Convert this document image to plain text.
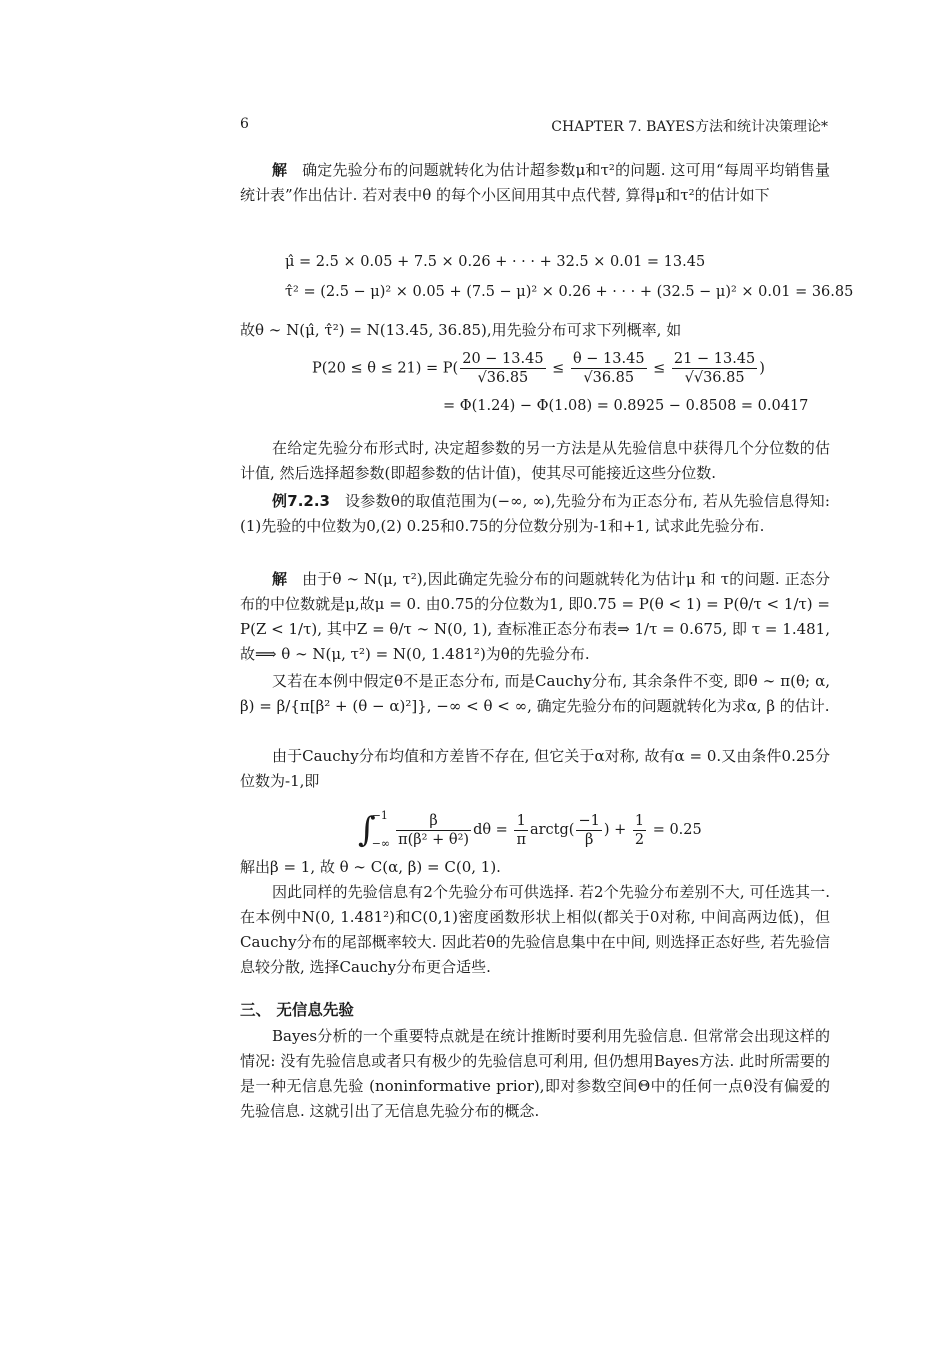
6	CHAPTER 7. BAYES方法和统计决策理论*

解 确定先验分布的问题就转化为估计超参数μ和τ²的问题. 这可用“每周平均销售量统计表”作出估计. 若对表中θ 的每个小区间用其中点代替, 算得μ和τ²的估计如下

μ̂ = 2.5 × 0.05 + 7.5 × 0.26 + · · · + 32.5 × 0.01 = 13.45
τ̂² = (2.5 − μ)² × 0.05 + (7.5 − μ)² × 0.26 + · · · + (32.5 − μ)² × 0.01 = 36.85

故θ ∼ N(μ̂, τ̂²) = N(13.45, 36.85),用先验分布可求下列概率, 如

$P(20 \le \theta \le 21) = P( \frac{20 - 13.45}{√36.85} \le \frac{\theta - 13.45}{√36.85} \le \frac{21 - 13.45}{√√36.85}$ )
= Φ(1.24) − Φ(1.08) = 0.8925 − 0.8508 = 0.0417

在给定先验分布形式时, 决定超参数的另一方法是从先验信息中获得几个分位数的估计值, 然后选择超参数(即超参数的估计值)，使其尽可能接近这些分位数.

例7.2.3 设参数θ的取值范围为(−∞, ∞),先验分布为正态分布, 若从先验信息得知: (1)先验的中位数为0,(2) 0.25和0.75的分位数分别为-1和+1, 试求此先验分布.

解 由于θ ∼ N(μ, τ²),因此确定先验分布的问题就转化为估计μ 和 τ的问题. 正态分布的中位数就是μ,故μ = 0. 由0.75的分位数为1, 即0.75 = P(θ < 1) = P(θ/τ < 1/τ) = P(Z < 1/τ), 其中Z = θ/τ ∼ N(0, 1), 查标准正态分布表⇒ 1/τ = 0.675, 即 τ = 1.481,故⟹ θ ∼ N(μ, τ²) = N(0, 1.481²)为θ的先验分布.

又若在本例中假定θ不是正态分布, 而是Cauchy分布, 其余条件不变, 即θ ∼ π(θ; α, β) = β/{π[β² + (θ − α)²]}, −∞ < θ < ∞, 确定先验分布的问题就转化为求α, β 的估计.

由于Cauchy分布均值和方差皆不存在, 但它关于α对称, 故有α = 0.又由条件0.25分位数为-1,即

∫
−1
−∞ $\frac{\beta}{\text{π(β² + θ²)}}$ $d\theta = \frac{1}{\pi}$ arctg( $\frac{-1}{\beta}$ ) + $\frac{1}{2} = 0.25$

解出β = 1, 故 θ ∼ C(α, β) = C(0, 1).

因此同样的先验信息有2个先验分布可供选择. 若2个先验分布差别不大, 可任选其一. 在本例中N(0, 1.481²)和C(0,1)密度函数形状上相似(都关于0对称, 中间高两边低)，但Cauchy分布的尾部概率较大. 因此若θ的先验信息集中在中间, 则选择正态好些, 若先验信息较分散, 选择Cauchy分布更合适些.

三、 无信息先验

Bayes分析的一个重要特点就是在统计推断时要利用先验信息. 但常常会出现这样的情况: 没有先验信息或者只有极少的先验信息可利用, 但仍想用Bayes方法. 此时所需要的是一种无信息先验 (noninformative prior),即对参数空间Θ中的任何一点θ没有偏爱的先验信息. 这就引出了无信息先验分布的概念.
